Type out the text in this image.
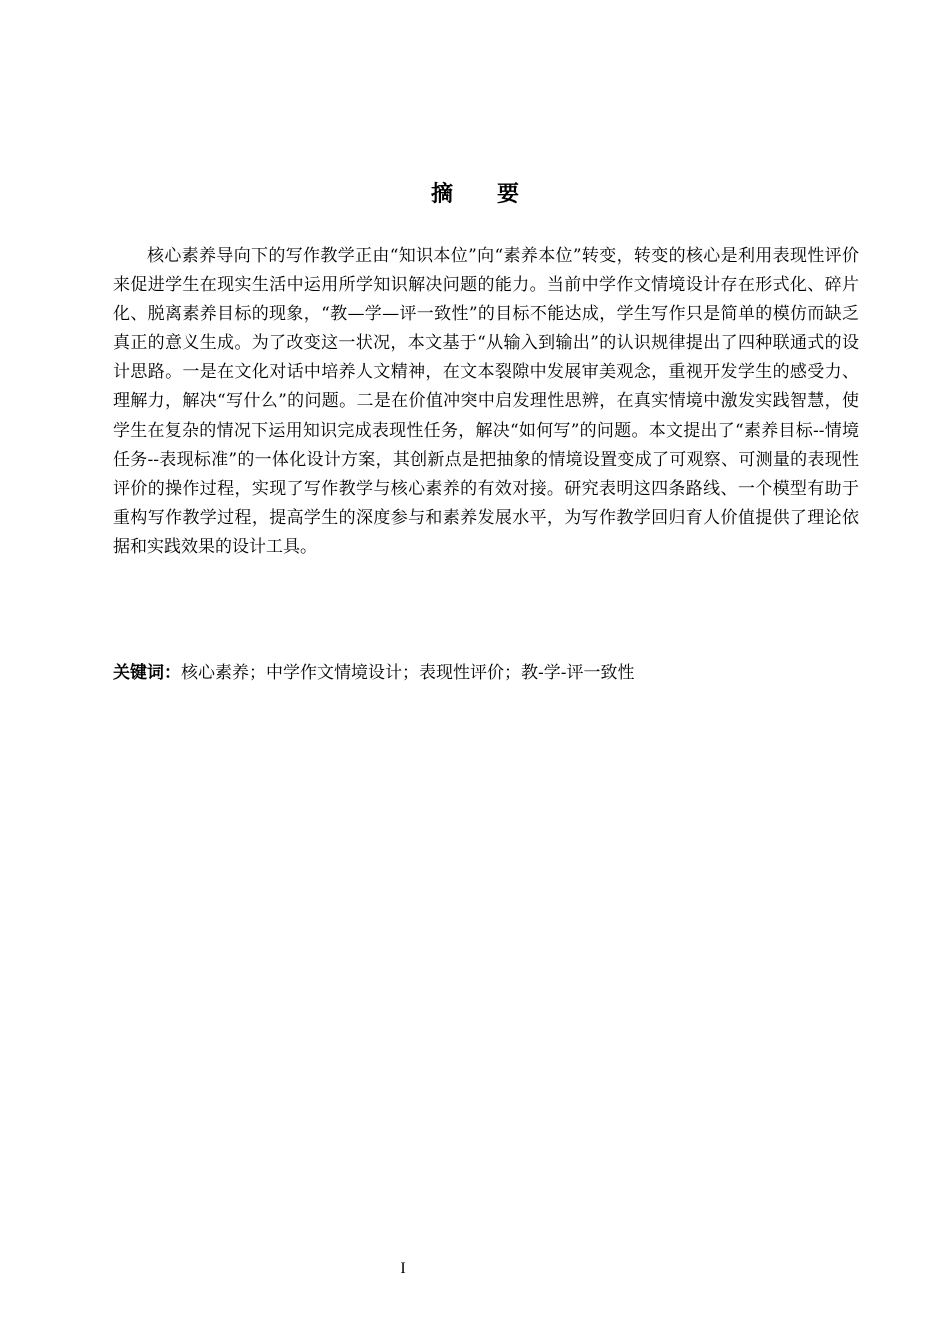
摘 要

核心素养导向下的写作教学正由“知识本位”向“素养本位”转变，转变的核心是利用表现性评价来促进学生在现实生活中运用所学知识解决问题的能力。当前中学作文情境设计存在形式化、碎片化、脱离素养目标的现象，“教—学—评一致性”的目标不能达成，学生写作只是简单的模仿而缺乏真正的意义生成。为了改变这一状况，本文基于“从输入到输出”的认识规律提出了四种联通式的设计思路。一是在文化对话中培养人文精神，在文本裂隙中发展审美观念，重视开发学生的感受力、理解力，解决“写什么”的问题。二是在价值冲突中启发理性思辨，在真实情境中激发实践智慧，使学生在复杂的情况下运用知识完成表现性任务，解决“如何写”的问题。本文提出了“素养目标--情境任务--表现标准”的一体化设计方案，其创新点是把抽象的情境设置变成了可观察、可测量的表现性评价的操作过程，实现了写作教学与核心素养的有效对接。研究表明这四条路线、一个模型有助于重构写作教学过程，提高学生的深度参与和素养发展水平，为写作教学回归育人价值提供了理论依据和实践效果的设计工具。

关键词：核心素养；中学作文情境设计；表现性评价；教-学-评一致性

I
